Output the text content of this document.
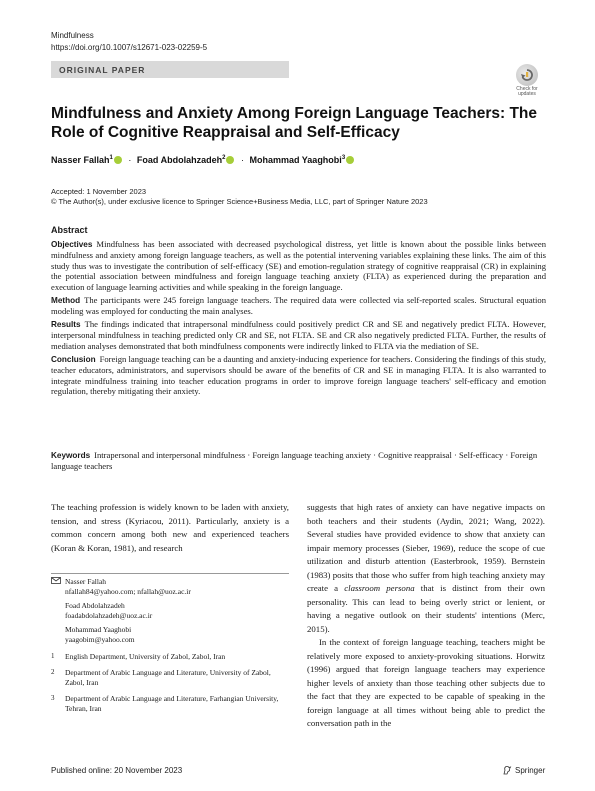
Mindfulness
https://doi.org/10.1007/s12671-023-02259-5
ORIGINAL PAPER
Check for updates
Mindfulness and Anxiety Among Foreign Language Teachers: The Role of Cognitive Reappraisal and Self-Efficacy
Nasser Fallah$^1$ · Foad Abdolahzadeh$^2$ · Mohammad Yaaghobi$^3$
Accepted: 1 November 2023
© The Author(s), under exclusive licence to Springer Science+Business Media, LLC, part of Springer Nature 2023
Abstract

Objectives Mindfulness has been associated with decreased psychological distress, yet little is known about the possible links between mindfulness and anxiety among foreign language teachers, as well as the potential intervening variables explaining these links. The aim of this study thus was to investigate the contribution of self-efficacy (SE) and emotion-regulation strategy of cognitive reappraisal (CR) in explaining the potential association between mindfulness and foreign language teaching anxiety (FLTA) as experienced during the preparation and execution of language learning activities and while speaking in the foreign language.

Method The participants were 245 foreign language teachers. The required data were collected via self-reported scales. Structural equation modeling was employed for conducting the main analyses.

Results The findings indicated that intrapersonal mindfulness could positively predict CR and SE and negatively predict FLTA. However, interpersonal mindfulness in teaching predicted only CR and SE, not FLTA. SE and CR also negatively predicted FLTA. Further, the results of mediation analyses demonstrated that both mindfulness components were indirectly linked to FLTA via the mediation of SE.

Conclusion Foreign language teaching can be a daunting and anxiety-inducing experience for teachers. Considering the findings of this study, teacher educators, administrators, and supervisors should be aware of the benefits of CR and SE in managing FLTA. It is also warranted to integrate mindfulness training into teacher education programs in order to improve foreign language teachers' self-efficacy and emotion regulation, thereby mitigating their anxiety.

Keywords Intrapersonal and interpersonal mindfulness · Foreign language teaching anxiety · Cognitive reappraisal · Self-efficacy · Foreign language teachers
The teaching profession is widely known to be laden with anxiety, tension, and stress (Kyriacou, 2011). Particularly, anxiety is a common concern among both new and experienced teachers (Koran & Koran, 1981), and research
Nasser Fallah
nfallah84@yahoo.com; nfallah@uoz.ac.ir
Foad Abdolahzadeh
foadabdolahzadeh@uoz.ac.ir
Mohammad Yaaghobi
yaagobim@yahoo.com
1	English Department, University of Zabol, Zabol, Iran
2	Department of Arabic Language and Literature, University of Zabol, Zabol, Iran
3	Department of Arabic Language and Literature, Farhangian University, Tehran, Iran

suggests that high rates of anxiety can have negative impacts on both teachers and their students (Aydin, 2021; Wang, 2022). Several studies have provided evidence to show that anxiety can impair memory processes (Sieber, 1969), reduce the scope of cue utilization and disturb attention (Easterbrook, 1959). Bernstein (1983) posits that those who suffer from high teaching anxiety may create a classroom persona that is distinct from their own personality. This can lead to being overly strict or lenient, or having a negative outlook on their students' intentions (Merc, 2015).

In the context of foreign language teaching, teachers might be relatively more exposed to anxiety-provoking situations. Horwitz (1996) argued that foreign language teachers may experience higher levels of anxiety than those teaching other subjects due to the fact that they are expected to be capable of speaking in the foreign language at all times without being able to predict the conversation path in the

Published online: 20 November 2023	Springer
